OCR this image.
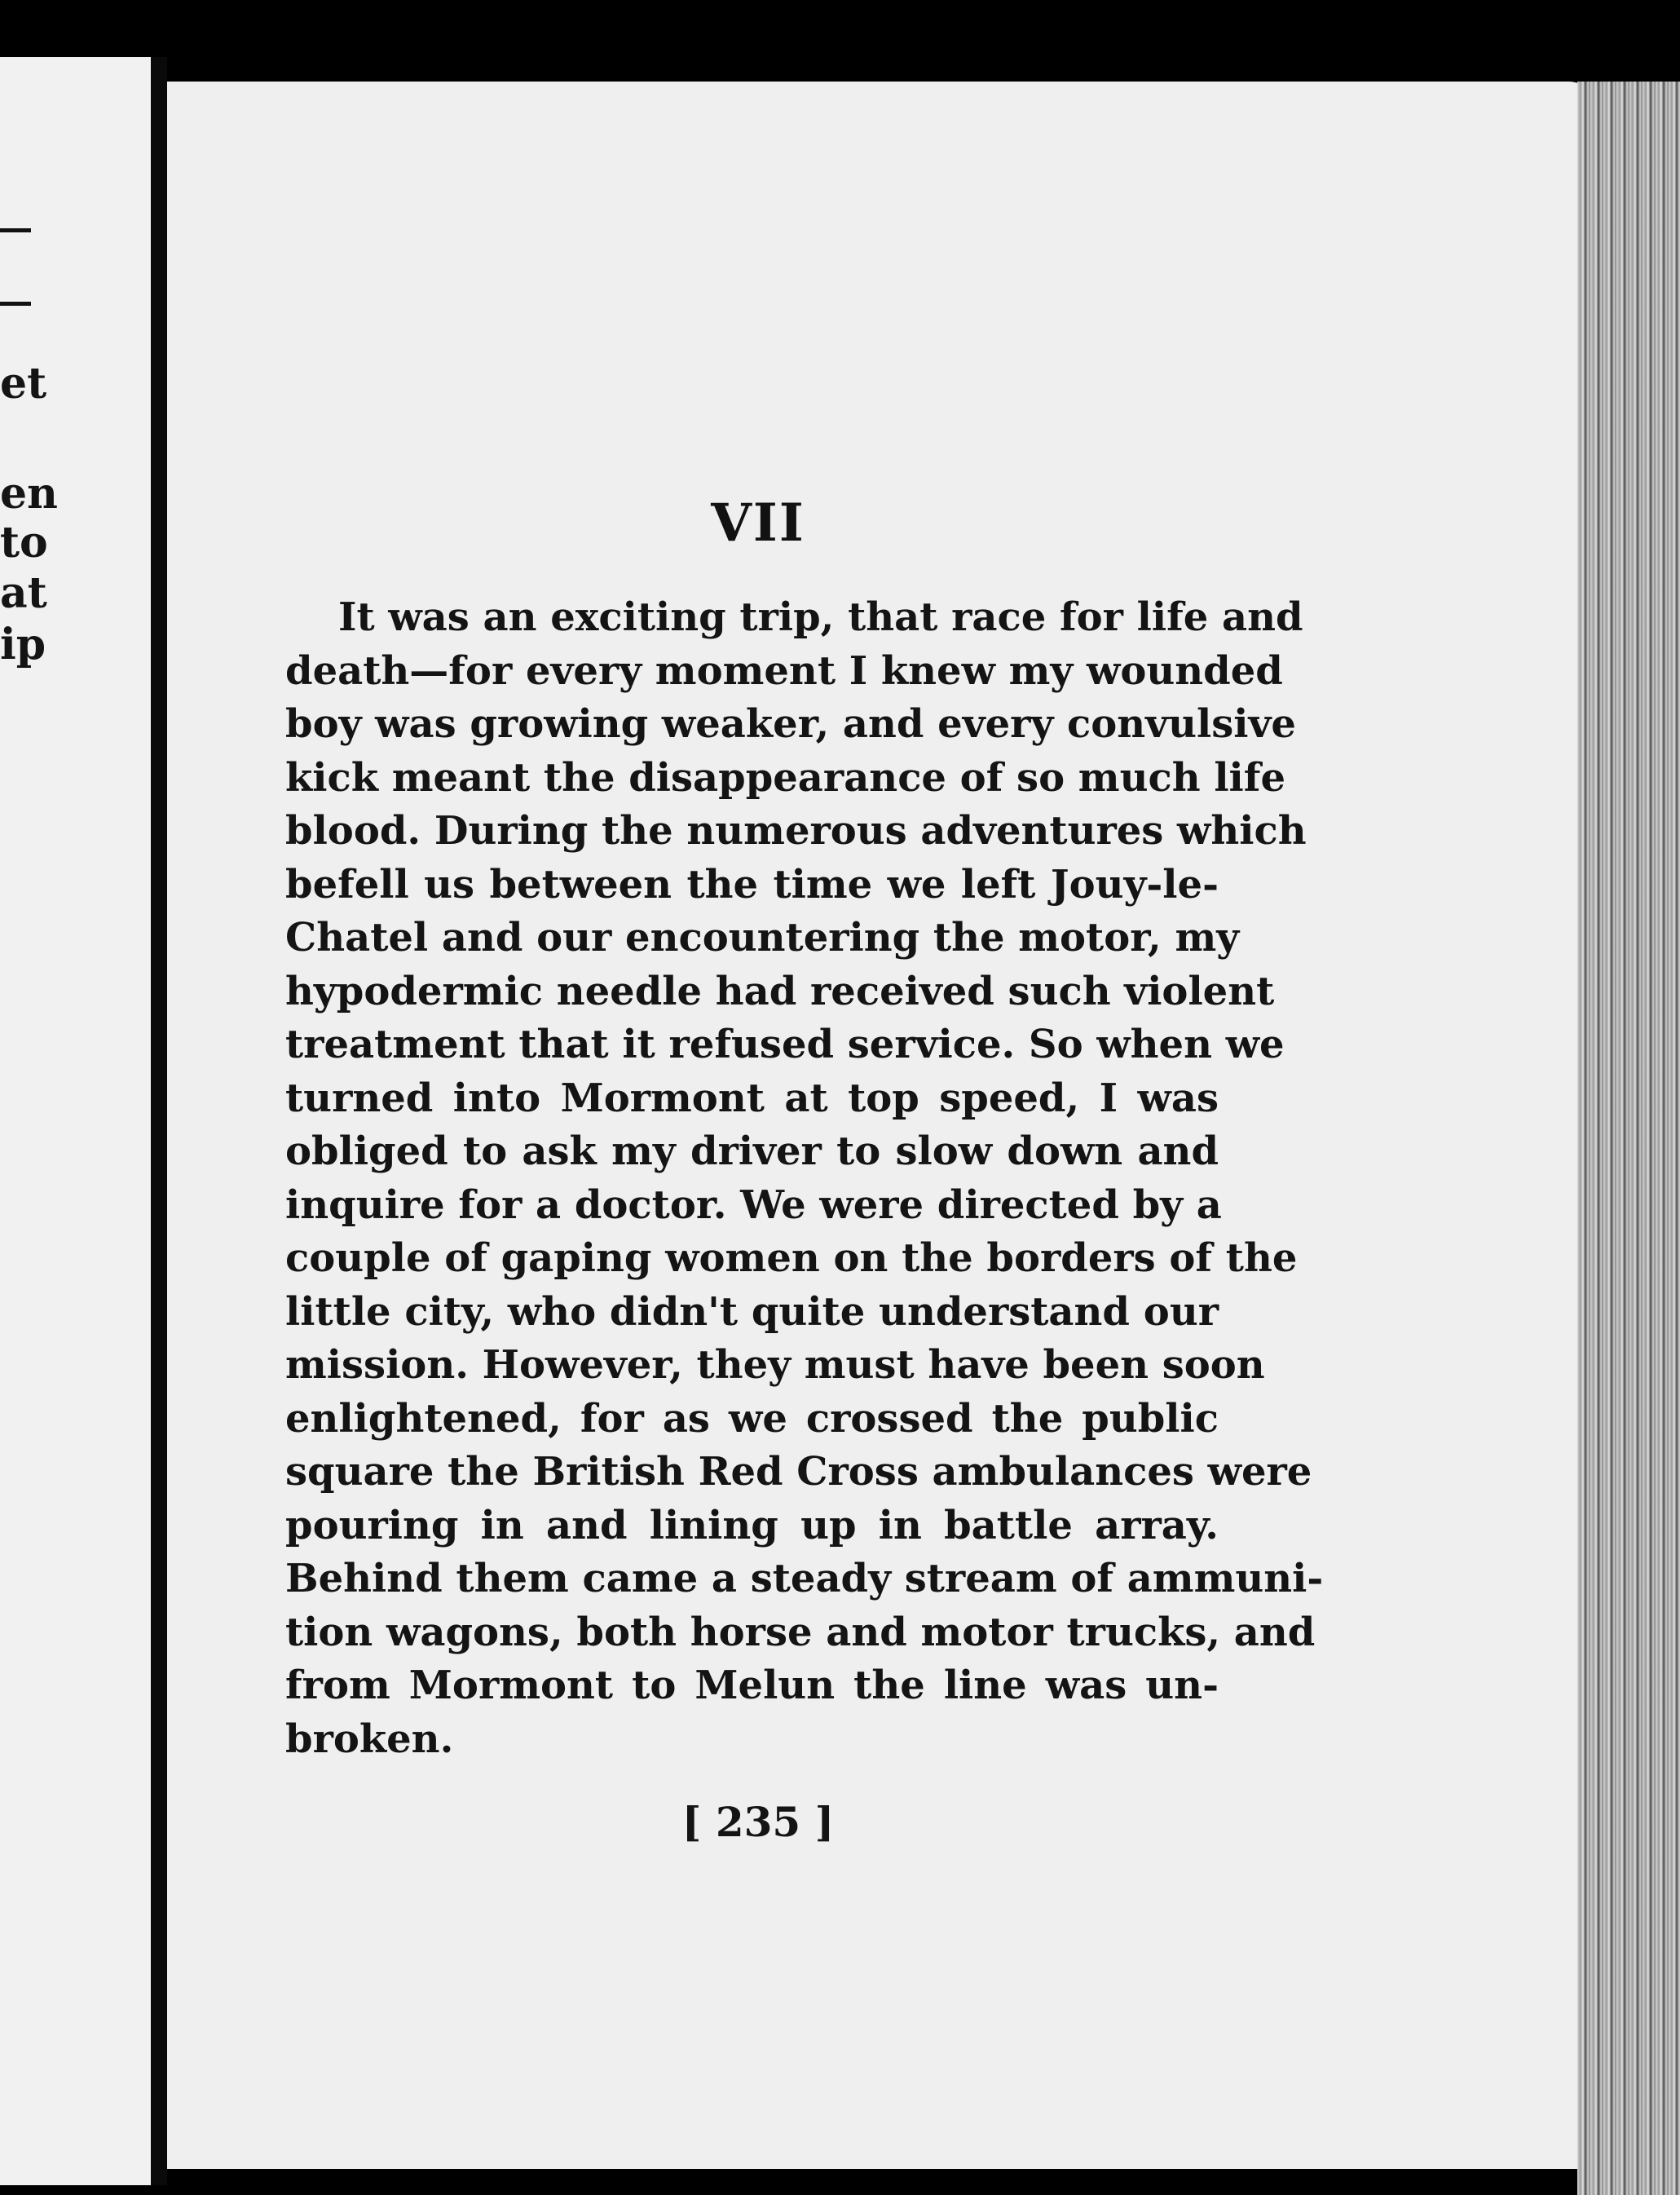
et
en
to
at
ip
VII
It was an exciting trip, that race for life and
death—for every moment I knew my wounded
boy was growing weaker, and every convulsive
kick meant the disappearance of so much life
blood. During the numerous adventures which
befell us between the time we left Jouy-le-
Chatel and our encountering the motor, my
hypodermic needle had received such violent
treatment that it refused service. So when we
turned into Mormont at top speed, I was
obliged to ask my driver to slow down and
inquire for a doctor. We were directed by a
couple of gaping women on the borders of the
little city, who didn't quite understand our
mission. However, they must have been soon
enlightened, for as we crossed the public
square the British Red Cross ambulances were
pouring in and lining up in battle array.
Behind them came a steady stream of ammuni-
tion wagons, both horse and motor trucks, and
from Mormont to Melun the line was un-
broken.
[ 235 ]
